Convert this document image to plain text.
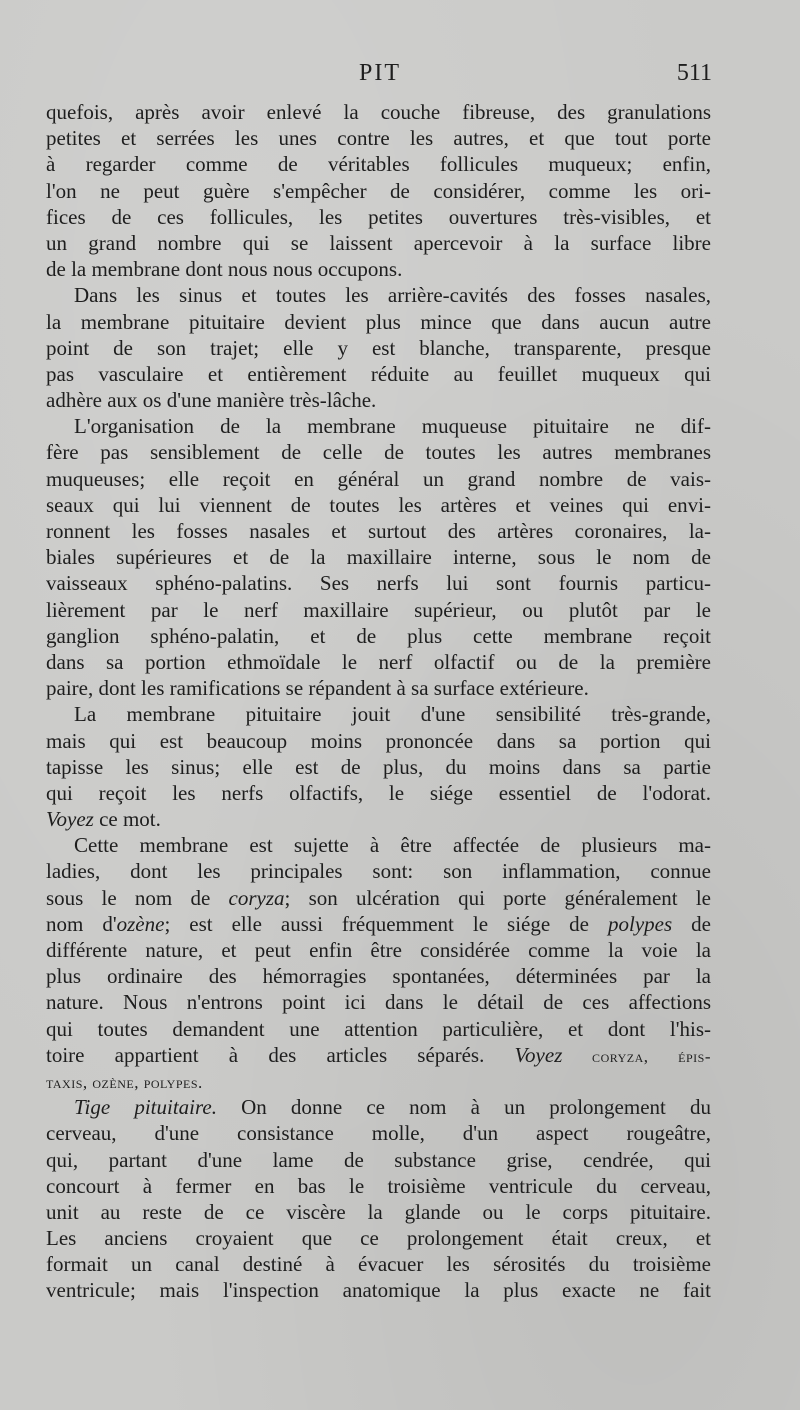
PIT	511
quefois, après avoir enlevé la couche fibreuse, des granulations
petites et serrées les unes contre les autres, et que tout porte
à regarder comme de véritables follicules muqueux; enfin,
l'on ne peut guère s'empêcher de considérer, comme les ori-
fices de ces follicules, les petites ouvertures très-visibles, et
un grand nombre qui se laissent apercevoir à la surface libre
de la membrane dont nous nous occupons.
Dans les sinus et toutes les arrière-cavités des fosses nasales,
la membrane pituitaire devient plus mince que dans aucun autre
point de son trajet; elle y est blanche, transparente, presque
pas vasculaire et entièrement réduite au feuillet muqueux qui
adhère aux os d'une manière très-lâche.
L'organisation de la membrane muqueuse pituitaire ne dif-
fère pas sensiblement de celle de toutes les autres membranes
muqueuses; elle reçoit en général un grand nombre de vais-
seaux qui lui viennent de toutes les artères et veines qui envi-
ronnent les fosses nasales et surtout des artères coronaires, la-
biales supérieures et de la maxillaire interne, sous le nom de
vaisseaux sphéno-palatins. Ses nerfs lui sont fournis particu-
lièrement par le nerf maxillaire supérieur, ou plutôt par le
ganglion sphéno-palatin, et de plus cette membrane reçoit
dans sa portion ethmoïdale le nerf olfactif ou de la première
paire, dont les ramifications se répandent à sa surface extérieure.
La membrane pituitaire jouit d'une sensibilité très-grande,
mais qui est beaucoup moins prononcée dans sa portion qui
tapisse les sinus; elle est de plus, du moins dans sa partie
qui reçoit les nerfs olfactifs, le siége essentiel de l'odorat.
Voyez ce mot.
Cette membrane est sujette à être affectée de plusieurs ma-
ladies, dont les principales sont: son inflammation, connue
sous le nom de coryza; son ulcération qui porte généralement le
nom d'ozène; est elle aussi fréquemment le siége de polypes de
différente nature, et peut enfin être considérée comme la voie la
plus ordinaire des hémorragies spontanées, déterminées par la
nature. Nous n'entrons point ici dans le détail de ces affections
qui toutes demandent une attention particulière, et dont l'his-
toire appartient à des articles séparés. Voyez coryza, épis-
taxis, ozène, polypes.
Tige pituitaire. On donne ce nom à un prolongement du
cerveau, d'une consistance molle, d'un aspect rougeâtre,
qui, partant d'une lame de substance grise, cendrée, qui
concourt à fermer en bas le troisième ventricule du cerveau,
unit au reste de ce viscère la glande ou le corps pituitaire.
Les anciens croyaient que ce prolongement était creux, et
formait un canal destiné à évacuer les sérosités du troisième
ventricule; mais l'inspection anatomique la plus exacte ne fait
